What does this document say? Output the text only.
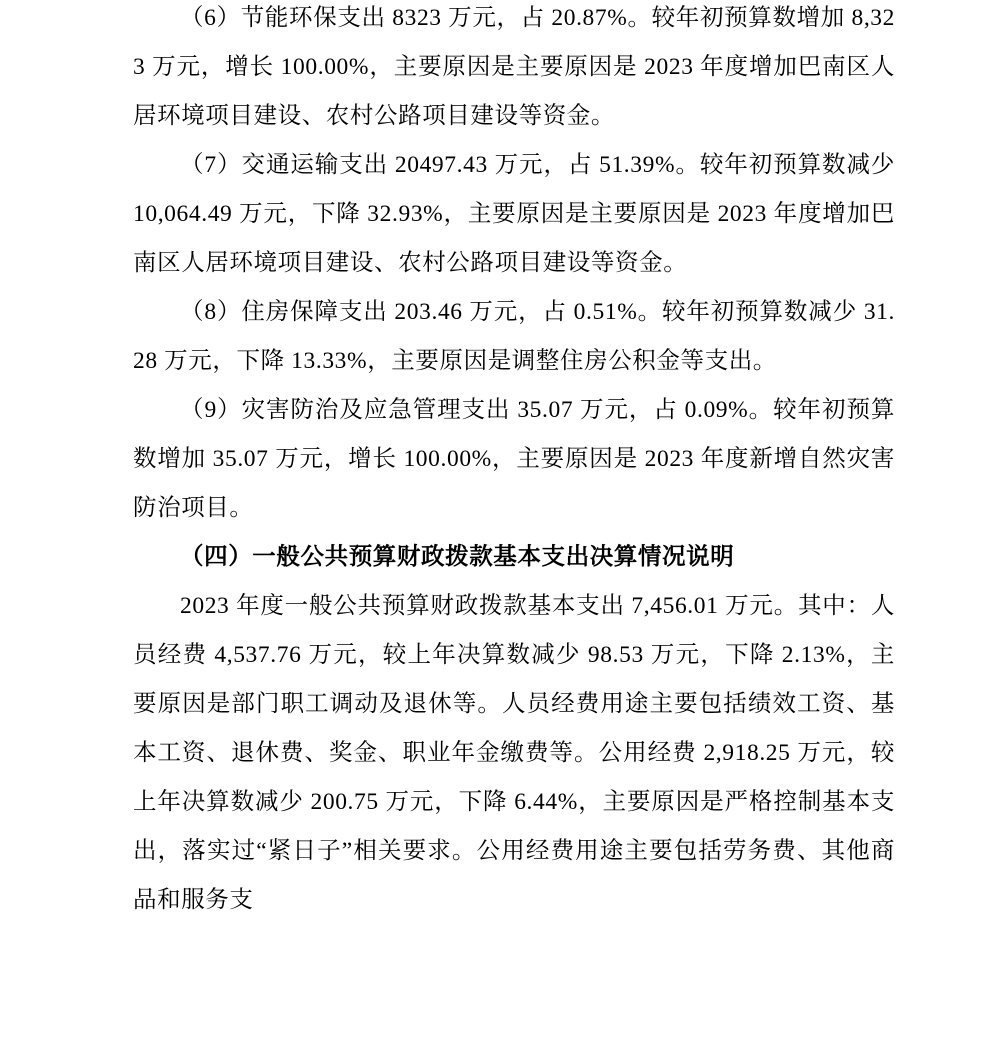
（6）节能环保支出 8323 万元，占 20.87%。较年初预算数增加 8,323 万元，增长 100.00%，主要原因是主要原因是 2023 年度增加巴南区人居环境项目建设、农村公路项目建设等资金。

（7）交通运输支出 20497.43 万元，占 51.39%。较年初预算数减少 10,064.49 万元，下降 32.93%，主要原因是主要原因是 2023 年度增加巴南区人居环境项目建设、农村公路项目建设等资金。

（8）住房保障支出 203.46 万元，占 0.51%。较年初预算数减少 31.28 万元，下降 13.33%，主要原因是调整住房公积金等支出。

（9）灾害防治及应急管理支出 35.07 万元，占 0.09%。较年初预算数增加 35.07 万元，增长 100.00%，主要原因是 2023 年度新增自然灾害防治项目。

（四）一般公共预算财政拨款基本支出决算情况说明

2023 年度一般公共预算财政拨款基本支出 7,456.01 万元。其中：人员经费 4,537.76 万元，较上年决算数减少 98.53 万元，下降 2.13%，主要原因是部门职工调动及退休等。人员经费用途主要包括绩效工资、基本工资、退休费、奖金、职业年金缴费等。公用经费 2,918.25 万元，较上年决算数减少 200.75 万元，下降 6.44%，主要原因是严格控制基本支出，落实过“紧日子”相关要求。公用经费用途主要包括劳务费、其他商品和服务支
